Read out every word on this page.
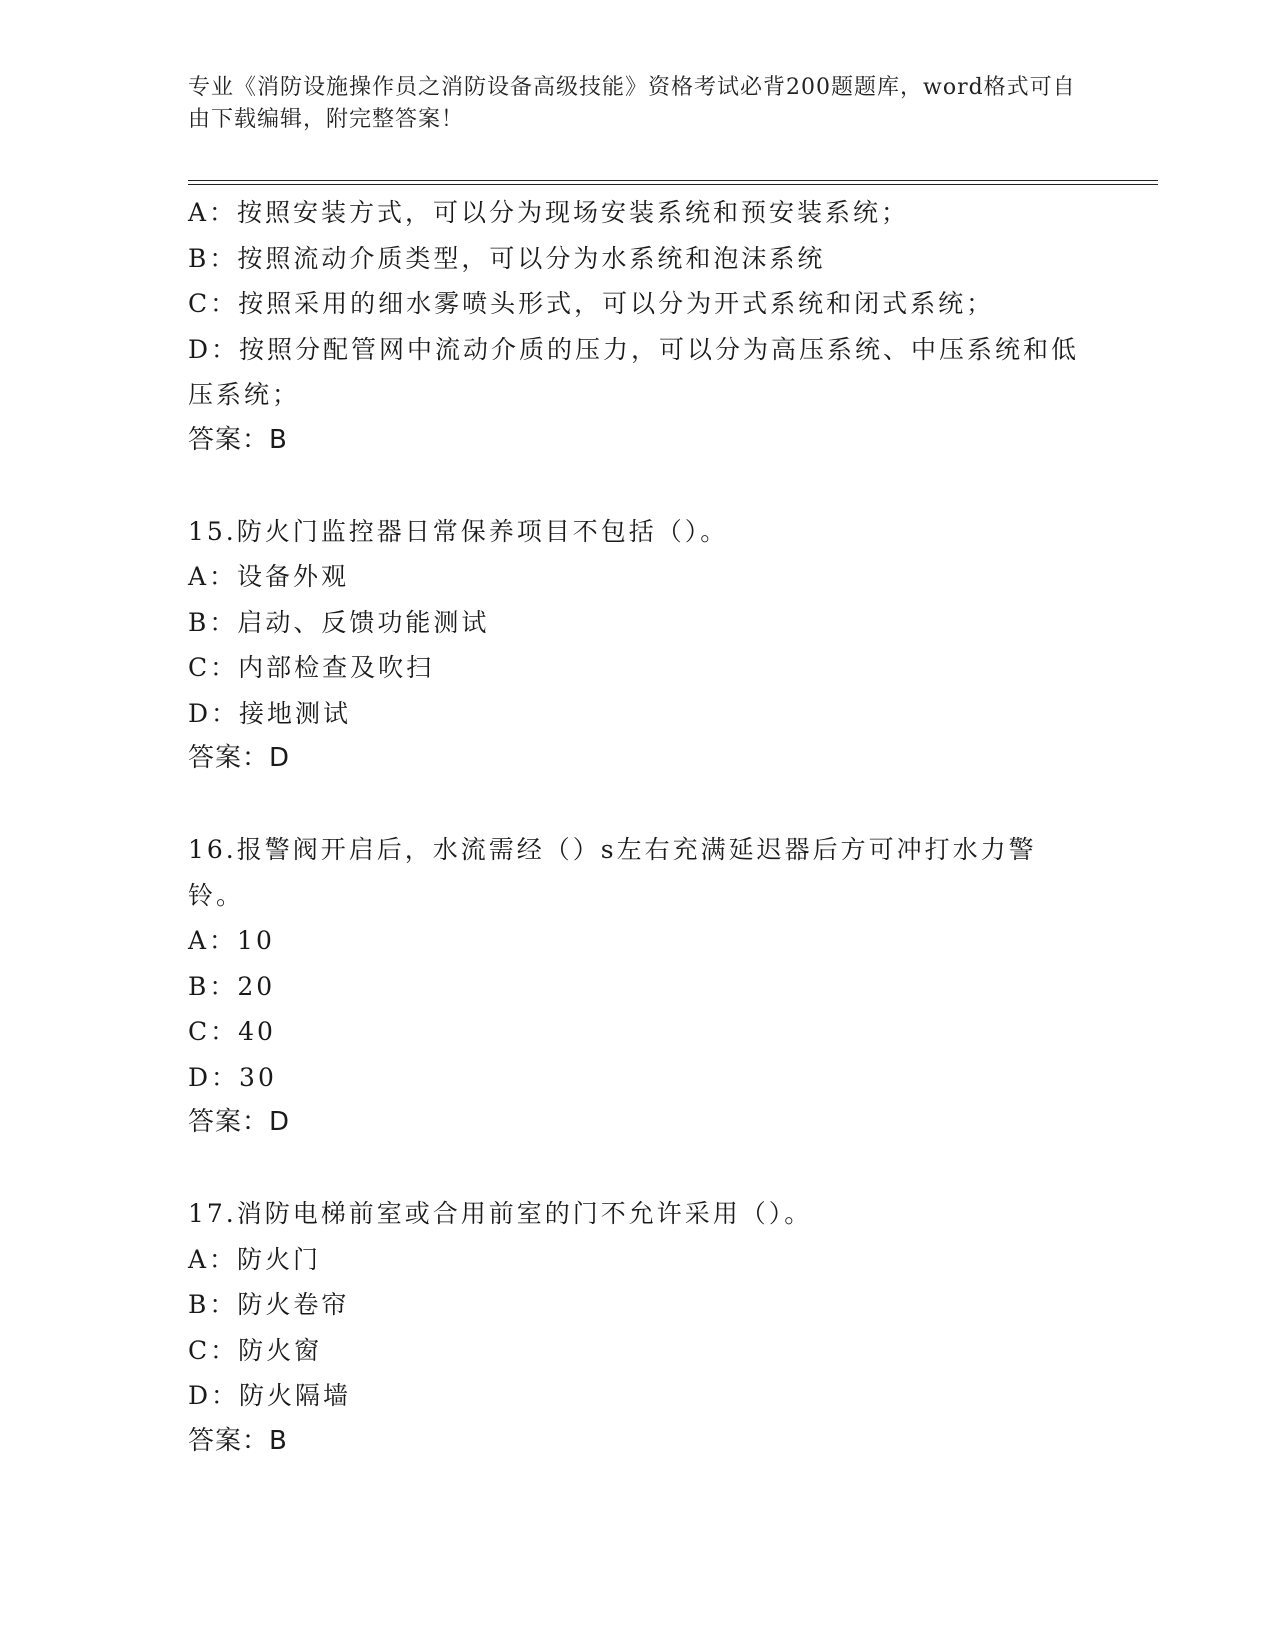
专业《消防设施操作员之消防设备高级技能》资格考试必背200题题库，word格式可自由下载编辑，附完整答案！
A：按照安装方式，可以分为现场安装系统和预安装系统；
B：按照流动介质类型，可以分为水系统和泡沫系统
C：按照采用的细水雾喷头形式，可以分为开式系统和闭式系统；
D：按照分配管网中流动介质的压力，可以分为高压系统、中压系统和低压系统；
答案：B
15.防火门监控器日常保养项目不包括（）。
A：设备外观
B：启动、反馈功能测试
C：内部检查及吹扫
D：接地测试
答案：D
16.报警阀开启后，水流需经（）s左右充满延迟器后方可冲打水力警铃。
A：10
B：20
C：40
D：30
答案：D
17.消防电梯前室或合用前室的门不允许采用（）。
A：防火门
B：防火卷帘
C：防火窗
D：防火隔墙
答案：B
